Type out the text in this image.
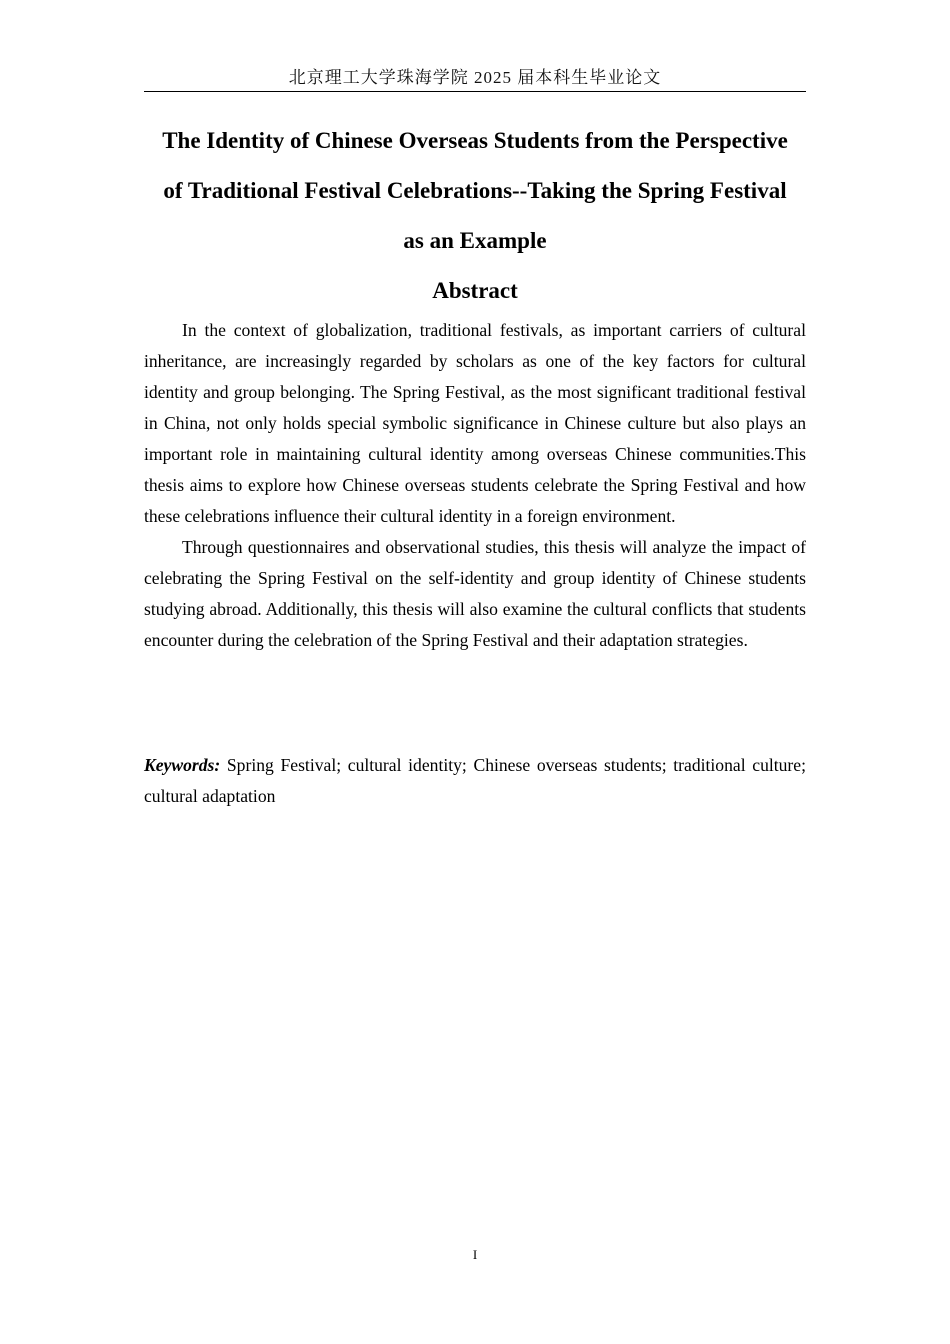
北京理工大学珠海学院 2025 届本科生毕业论文
The Identity of Chinese Overseas Students from the Perspective
of Traditional Festival Celebrations--Taking the Spring Festival
as an Example
Abstract

In the context of globalization, traditional festivals, as important carriers of cultural inheritance, are increasingly regarded by scholars as one of the key factors for cultural identity and group belonging. The Spring Festival, as the most significant traditional festival in China, not only holds special symbolic significance in Chinese culture but also plays an important role in maintaining cultural identity among overseas Chinese communities.This thesis aims to explore how Chinese overseas students celebrate the Spring Festival and how these celebrations influence their cultural identity in a foreign environment.

Through questionnaires and observational studies, this thesis will analyze the impact of celebrating the Spring Festival on the self-identity and group identity of Chinese students studying abroad. Additionally, this thesis will also examine the cultural conflicts that students encounter during the celebration of the Spring Festival and their adaptation strategies.

Keywords: Spring Festival; cultural identity; Chinese overseas students; traditional culture; cultural adaptation

I
